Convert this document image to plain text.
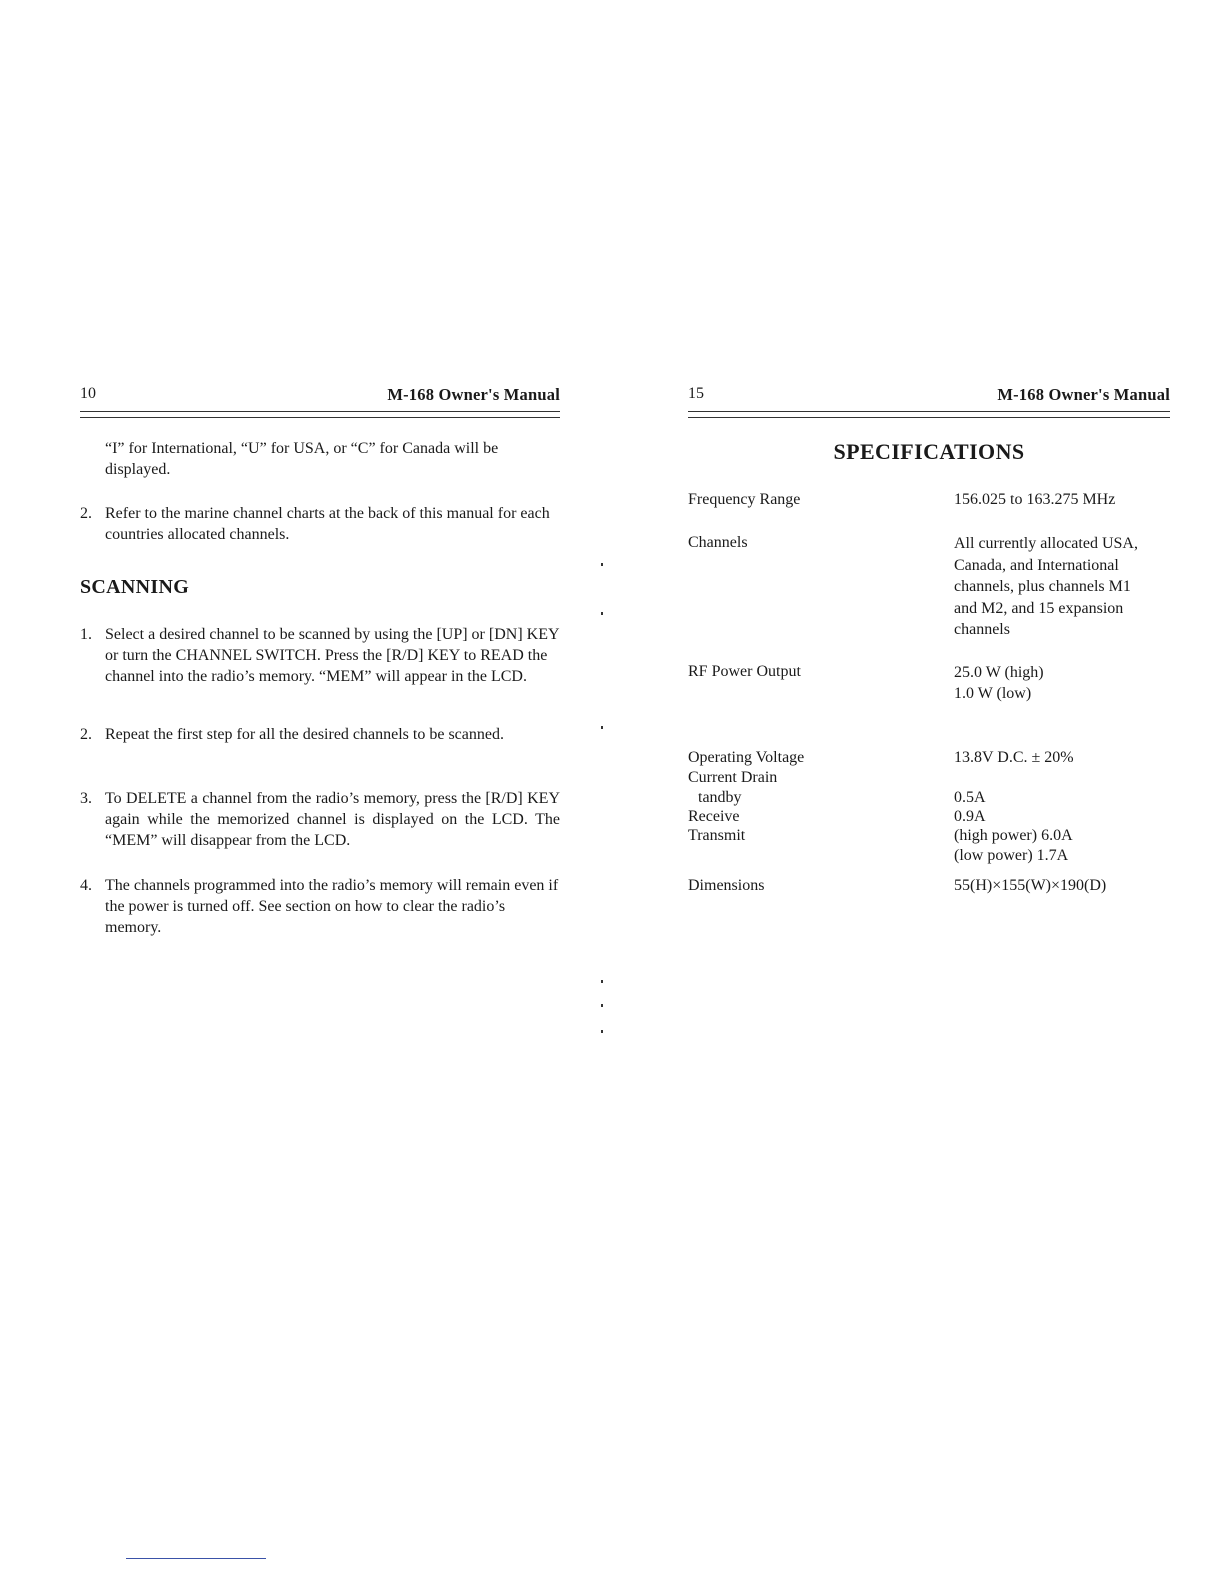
10	M-168 Owner's Manual
“I” for International, “U” for USA, or “C” for Canada will be displayed.
2. Refer to the marine channel charts at the back of this manual for each countries allocated channels.
SCANNING
1. Select a desired channel to be scanned by using the [UP] or [DN] KEY or turn the CHANNEL SWITCH. Press the [R/D] KEY to READ the channel into the radio’s memory. “MEM” will appear in the LCD.
2. Repeat the first step for all the desired channels to be scanned.
3. To DELETE a channel from the radio’s memory, press the [R/D] KEY again while the memorized channel is displayed on the LCD. The “MEM” will disappear from the LCD.
4. The channels programmed into the radio’s memory will remain even if the power is turned off. See section on how to clear the radio’s memory.
15	M-168 Owner's Manual
SPECIFICATIONS
Frequency Range	156.025 to 163.275 MHz
Channels	All currently allocated USA,
Canada, and International
channels, plus channels M1
and M2, and 15 expansion
channels
RF Power Output	25.0 W (high)
1.0 W (low)
Operating Voltage	13.8V D.C. ± 20%
Current Drain
tandby	0.5A
Receive	0.9A
Transmit	(high power) 6.0A
(low power) 1.7A
Dimensions	55(H)×155(W)×190(D)
